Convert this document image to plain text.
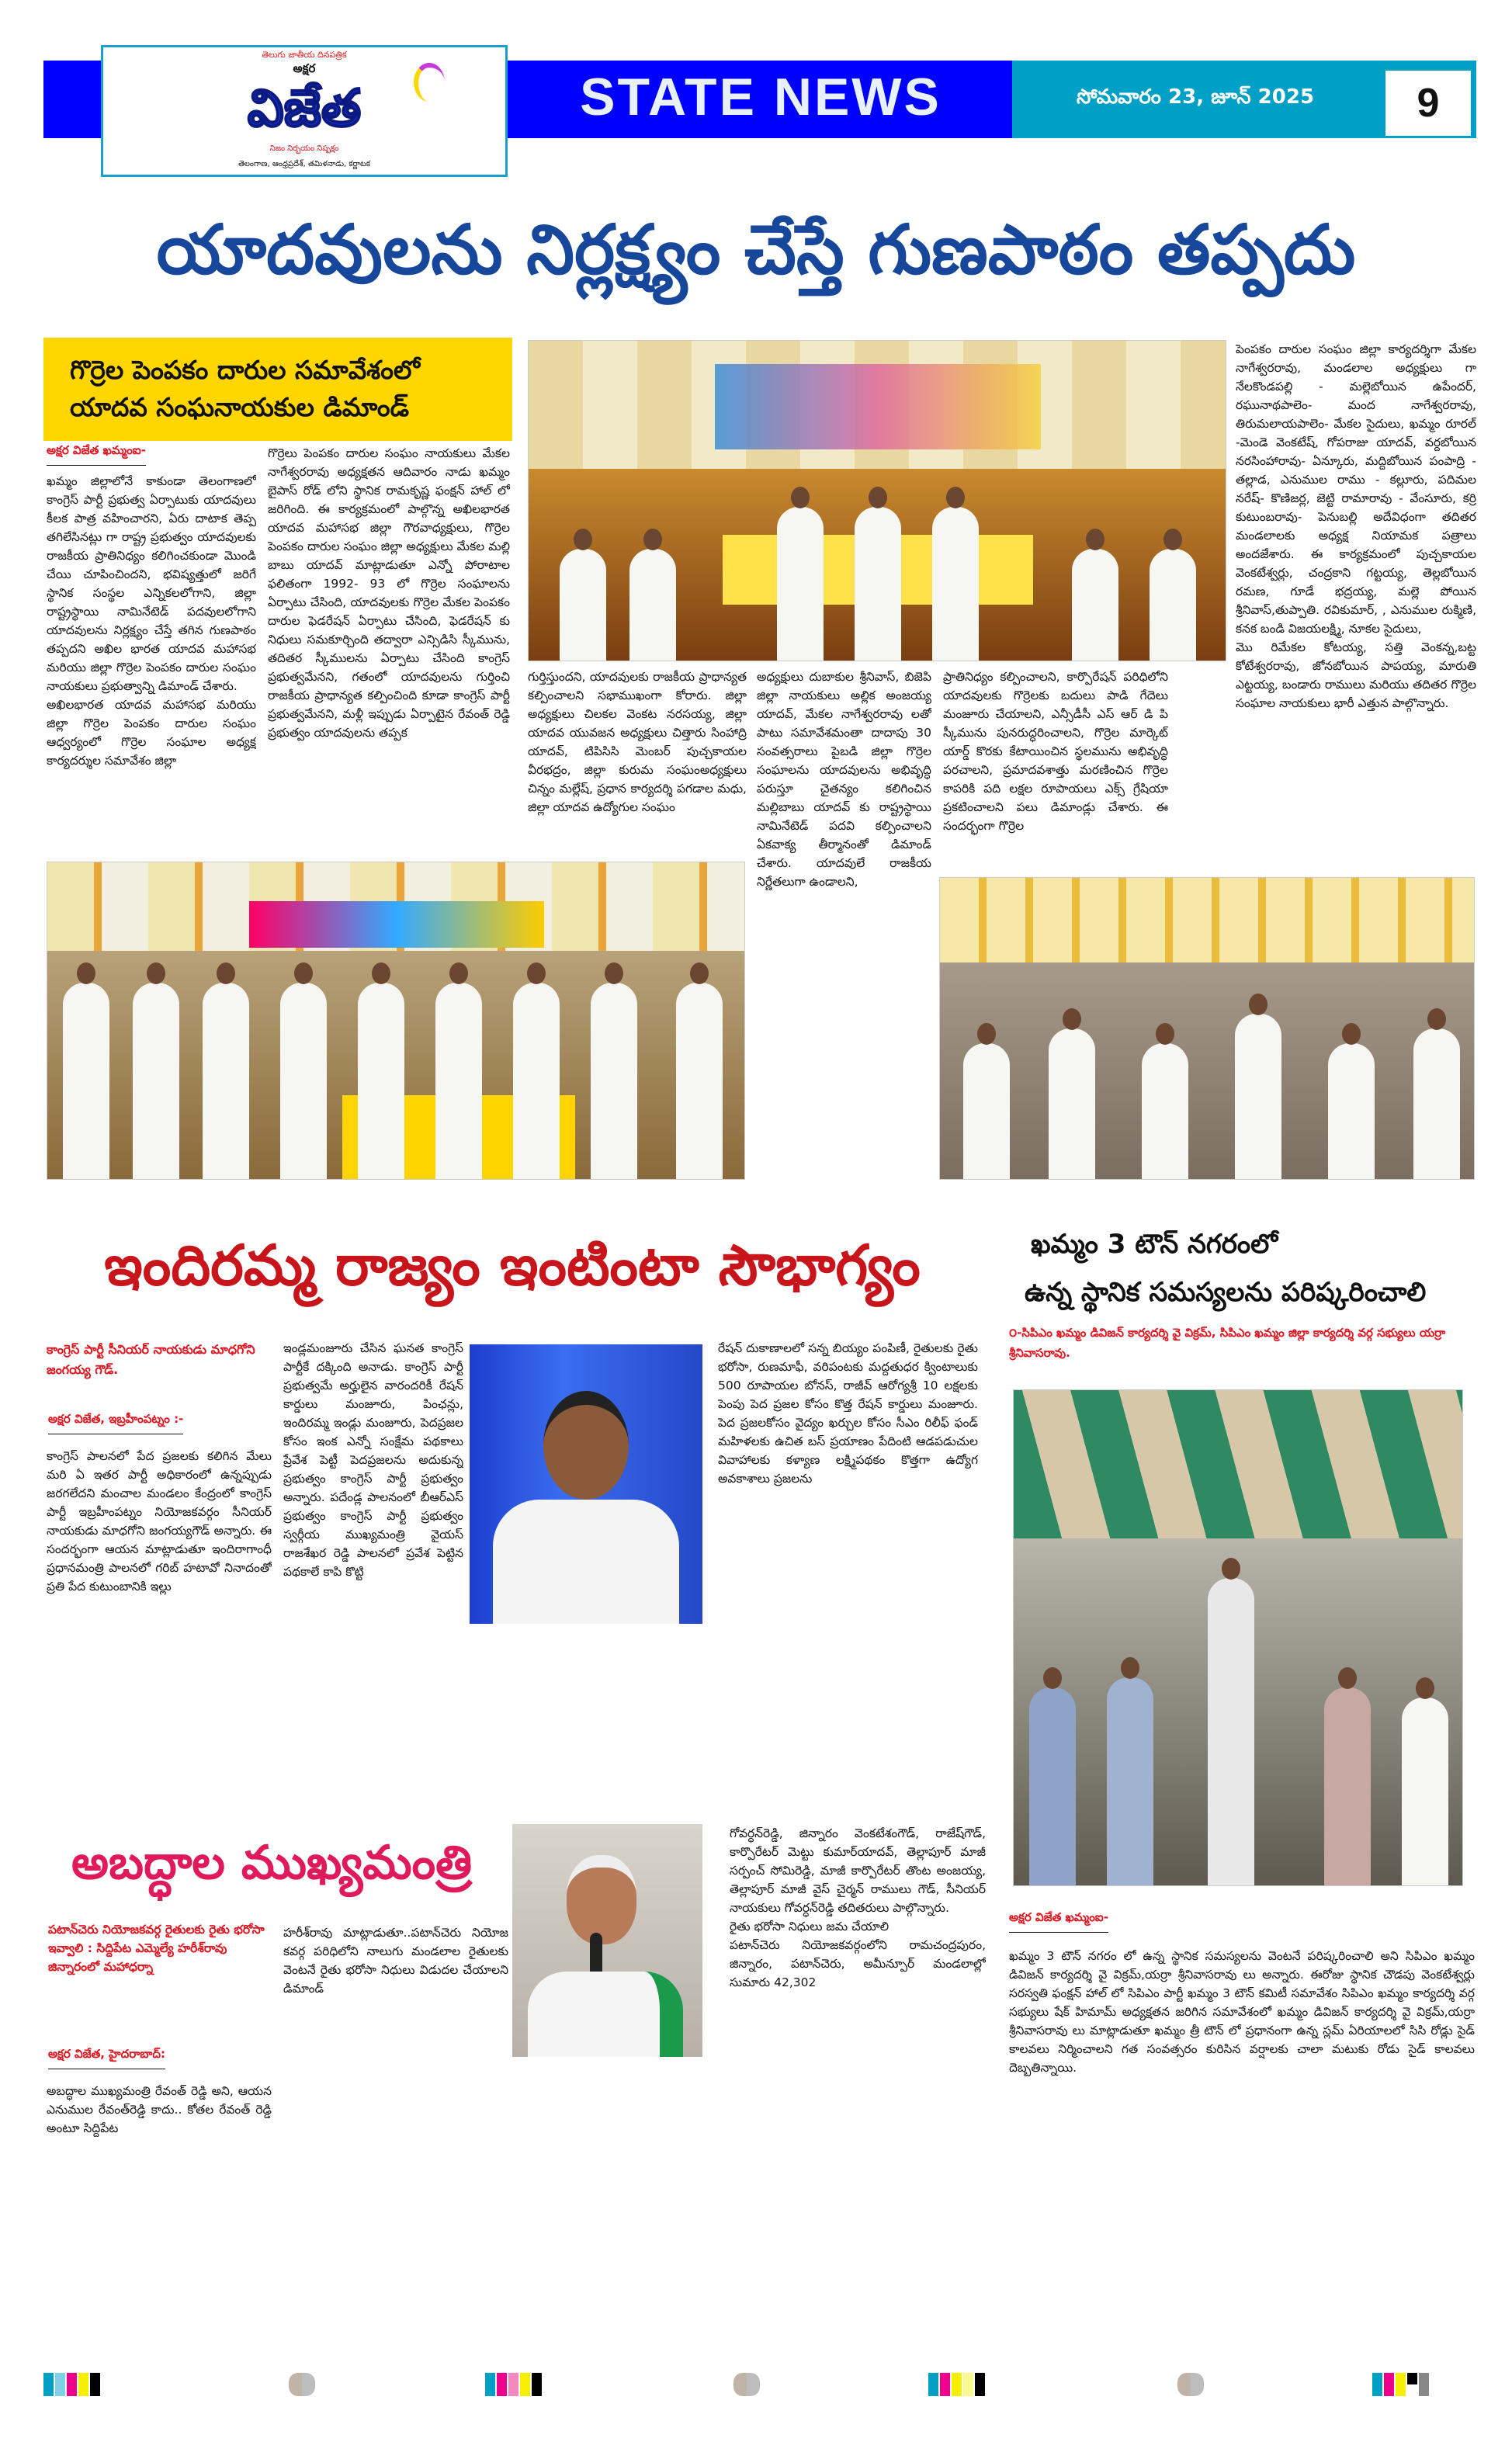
తెలుగు జాతీయ దినపత్రిక
అక్షర
విజేత
నిజం నిర్భయం నిష్పక్షం
తెలంగాణ, ఆంధ్రప్రదేశ్, తమిళనాడు, కర్ణాటక
STATE NEWS	సోమవారం 23, జూన్ 2025	9
యాదవులను నిర్లక్ష్యం చేస్తే గుణపాఠం తప్పదు
గొర్రెల పెంపకం దారుల సమావేశంలో
యాదవ సంఘనాయకుల డిమాండ్
అక్షర విజేత ఖమ్మంఐ-
ఖమ్మం జిల్లాలోనే కాకుండా తెలంగాణలో కాంగ్రెస్ పార్టీ ప్రభుత్వ ఏర్పాటుకు యాదవులు కీలక పాత్ర వహించారని, ఏరు దాటాక తెప్ప తగిలేసినట్లు గా రాష్ట్ర ప్రభుత్వం యాదవులకు రాజకీయ ప్రాతినిధ్యం కలిగించకుండా మొండి చేయి చూపించిందని, భవిష్యత్తులో జరిగే స్థానిక సంస్థల ఎన్నికలలోగాని, జిల్లా రాష్ట్రస్థాయి నామినేటెడ్ పదవులలోగాని యాదవులను నిర్లక్ష్యం చేస్తే తగిన గుణపాఠం తప్పదని అఖిల భారత యాదవ మహాసభ మరియు జిల్లా గొర్రెల పెంపకం దారుల సంఘం నాయకులు ప్రభుత్వాన్ని డిమాండ్ చేశారు.
అఖిలభారత యాదవ మహాసభ మరియు జిల్లా గొర్రెల పెంపకం దారుల సంఘం ఆధ్వర్యంలో గొర్రెల సంఘాల అధ్యక్ష కార్యదర్శుల సమావేశం జిల్లా
గొర్రెలు పెంపకం దారుల సంఘం నాయకులు మేకల నాగేశ్వరరావు అధ్యక్షతన ఆదివారం నాడు ఖమ్మం బైపాస్ రోడ్ లోని స్థానిక రామకృష్ణ ఫంక్షన్ హాల్ లో జరిగింది. ఈ కార్యక్రమంలో పాల్గొన్న అఖిలభారత యాదవ మహాసభ జిల్లా గౌరవాధ్యక్షులు, గొర్రెల పెంపకం దారుల సంఘం జిల్లా అధ్యక్షులు మేకల మల్లి బాబు యాదవ్ మాట్లాడుతూ ఎన్నో పోరాటాల ఫలితంగా 1992- 93 లో గొర్రెల సంఘాలను ఏర్పాటు చేసింది, యాదవులకు గొర్రెల మేకల పెంపకం దారుల ఫెడరేషన్ ఏర్పాటు చేసింది, ఫెడరేషన్ కు నిధులు సమకూర్చింది తద్వారా ఎన్సిడిసి స్కీమును, తదితర స్కీములను ఏర్పాటు చేసింది కాంగ్రెస్ ప్రభుత్వమేనని, గతంలో యాదవులను గుర్తించి రాజకీయ ప్రాధాన్యత కల్పించింది కూడా కాంగ్రెస్ పార్టీ ప్రభుత్వమేనని, మళ్లీ ఇప్పుడు ఏర్పాటైన రేవంత్ రెడ్డి ప్రభుత్వం యాదవులను తప్పక
గుర్తిస్తుందని, యాదవులకు రాజకీయ ప్రాధాన్యత కల్పించాలని సభాముఖంగా కోరారు. జిల్లా అధ్యక్షులు చిలకల వెంకట నరసయ్య, జిల్లా యాదవ యువజన అధ్యక్షులు చిత్తారు సింహాద్రి యాదవ్, టిపిసిసి మెంబర్ పుచ్చకాయల వీరభద్రం, జిల్లా కురుమ సంఘంఅధ్యక్షులు చిన్నం మల్లేష్, ప్రధాన కార్యదర్శి పగడాల మధు, జిల్లా యాదవ ఉద్యోగుల సంఘం
అధ్యక్షులు దుబాకుల శ్రీనివాస్, బిజెపి జిల్లా నాయకులు అల్లిక అంజయ్య యాదవ్, మేకల నాగేశ్వరరావు లతో పాటు సమావేశమంతా దాదాపు 30 సంవత్సరాలు పైబడి జిల్లా గొర్రెల సంఘాలను యాదవులను అభివృద్ధి పరుస్తూ చైతన్యం కలిగించిన మల్లిబాబు యాదవ్ కు రాష్ట్రస్థాయి నామినేటెడ్ పదవి కల్పించాలని ఏకవాక్య తీర్మానంతో డిమాండ్ చేశారు. యాదవులే రాజకీయ నిర్ణేతలుగా ఉండాలని,
ప్రాతినిధ్యం కల్పించాలని, కార్పొరేషన్ పరిధిలోని యాదవులకు గొర్రెలకు బదులు పాడి గేదెలు మంజూరు చేయాలని, ఎన్సీడీసీ ఎస్ ఆర్ డి పి స్కీమును పునరుద్ధరించాలని, గొర్రెల మార్కెట్ యార్డ్ కొరకు కేటాయించిన స్థలమును అభివృద్ధి పరచాలని, ప్రమాదవశాత్తు మరణించిన గొర్రెల కాపరికి పది లక్షల రూపాయలు ఎక్స్ గ్రేషియా ప్రకటించాలని పలు డిమాండ్లు చేశారు. ఈ సందర్భంగా గొర్రెల
పెంపకం దారుల సంఘం జిల్లా కార్యదర్శిగా మేకల నాగేశ్వరరావు, మండలాల అధ్యక్షులు గా నేలకొండపల్లి - మల్లెబోయిన ఉపేందర్, రఘునాథపాలెం- మంద నాగేశ్వరరావు, తిరుమలాయపాలెం- మేకల సైదులు, ఖమ్మం రూరల్ -మెండె వెంకటేష్, గోపరాజు యాదవ్, వర్దబోయిన నరసింహారావు- ఏన్కూరు, మద్దిబోయిన పంపాద్రి - తల్లాడ, ఎనుముల రాము - కల్లూరు, పదిమల నరేష్- కొణిజర్ల, జెట్టి రామారావు - వేంసూరు, కర్రి కుటుంబరావు- పెనుబల్లి అదేవిధంగా తదితర మండలాలకు అధ్యక్ష నియామక పత్రాలు అందజేశారు. ఈ కార్యక్రమంలో పుచ్చకాయల వెంకటేశ్వర్లు, చంద్రకాని గట్టయ్య, తెల్లబోయిన రమణ, గూడే భద్రయ్య, మల్లె పోయిన శ్రీనివాస్,తుప్పాతి. రవికుమార్, , ఎనుముల రుక్మిణి, కనక బండి విజయలక్ష్మి, నూకల సైదులు,
మొ రిమేకల కోటయ్య, సత్తి వెంకన్న,బట్ట కోటేశ్వరరావు, జోనబోయిన పాపయ్య, మారుతి ఎట్టయ్య, బండారు రాములు మరియు తదితర గొర్రెల సంఘాల నాయకులు భారీ ఎత్తున పాల్గొన్నారు.
ఇందిరమ్మ రాజ్యం ఇంటింటా సౌభాగ్యం
కాంగ్రెస్ పార్టీ సీనియర్ నాయకుడు మాధగోని జంగయ్య గౌడ్.
అక్షర విజేత, ఇబ్రహీంపట్నం :-
కాంగ్రెస్ పాలనలో పేద ప్రజలకు కలిగిన మేలు మరి ఏ ఇతర పార్టీ అధికారంలో ఉన్నప్పుడు జరగలేదని మంచాల మండలం కేంద్రంలో కాంగ్రెస్ పార్టీ ఇబ్రహీంపట్నం నియోజకవర్గం సీనియర్ నాయకుడు మాధగోని జంగయ్యగౌడ్ అన్నారు. ఈ సందర్భంగా ఆయన మాట్లాడుతూ ఇందిరాగాంధీ ప్రధానమంత్రి పాలనలో గరిబ్ హటావో నినాదంతో ప్రతి పేద కుటుంబానికి ఇల్లు
ఇండ్లమంజూరు చేసిన ఘనత కాంగ్రెస్ పార్టీకే దక్కింది అనాడు. కాంగ్రెస్ పార్టీ ప్రభుత్వమే అర్హులైన వారందరికీ రేషన్ కార్డులు మంజూరు, పింఛన్లు, ఇందిరమ్మ ఇండ్లు మంజూరు, పెదప్రజల కోసం ఇంక ఎన్నో సంక్షేమ పథకాలు ప్రేవేశ పెట్టీ పెదప్రజలను అదుకున్న ప్రభుత్వం కాంగ్రెస్ పార్టీ ప్రభుత్వం అన్నారు. పదేండ్ల పాలనంలో బీఆర్ఎస్ ప్రభుత్వం కాంగ్రెస్ పార్టీ ప్రభుత్వం స్వర్గీయ ముఖ్యమంత్రి వైయస్ రాజశేఖర రెడ్డి పాలనలో ప్రవేశ పెట్టిన పథకాలే కాపి కొట్టి
రేషన్ దుకాణాలలో సన్న బియ్యం పంపిణీ, రైతులకు రైతు భరోసా, రుణమాఫీ, వరిపంటకు మద్దతుధర క్వింటాలుకు 500 రూపాయల బోనస్, రాజీవ్ ఆరోగ్యశ్రీ 10 లక్షలకు పెంపు పెద ప్రజల కోసం కొత్త రేషన్ కార్డులు మంజూరు. పెద ప్రజలకోసం వైద్యం ఖర్చుల కోసం సీఎం రిలీఫ్ ఫండ్ మహిళలకు ఉచిత బస్ ప్రయాణం పేదింటి ఆడపడుచుల వివాహాలకు కళ్యాణ లక్ష్మిపథకం కొత్తగా ఉద్యోగ అవకాశాలు ప్రజలను
ఖమ్మం 3 టౌన్ నగరంలో
ఉన్న స్థానిక సమస్యలను పరిష్కరించాలి
౦-సిపిఎం ఖమ్మం డివిజన్ కార్యదర్శి వై విక్రమ్, సిపిఎం ఖమ్మం జిల్లా కార్యదర్శి వర్గ సభ్యులు యర్రా శ్రీనివాసరావు.
అక్షర విజేత ఖమ్మంఐ-
ఖమ్మం 3 టౌన్ నగరం లో ఉన్న స్థానిక సమస్యలను వెంటనే పరిష్కరించాలి అని సిపిఎం ఖమ్మం డివిజన్ కార్యదర్శి వై విక్రమ్,యర్రా శ్రీనివాసరావు లు అన్నారు. ఈరోజు స్థానిక చౌడపు వెంకటేశ్వర్లు సరస్వతి ఫంక్షన్ హాల్ లో సిపిఎం పార్టీ ఖమ్మం 3 టౌన్ కమిటీ సమావేశం సిపిఎం ఖమ్మం కార్యదర్శి వర్గ సభ్యులు షేక్ హిమామ్ అధ్యక్షతన జరిగిన సమావేశంలో ఖమ్మం డివిజన్ కార్యదర్శి వై విక్రమ్,యర్రా శ్రీనివాసరావు లు మాట్లాడుతూ ఖమ్మం త్రీ టౌన్ లో ప్రధానంగా ఉన్న స్లమ్ ఏరియాలలో సిసి రోడ్లు సైడ్ కాలవలు నిర్మించాలని గత సంవత్సరం కురిసిన వర్షాలకు చాలా మటుకు రోడు సైడ్ కాలవలు దెబ్బతిన్నాయి.
అబద్ధాల ముఖ్యమంత్రి
పటాన్‌చెరు నియోజకవర్గ రైతులకు రైతు భరోసా ఇవ్వాలి : సిద్దిపేట ఎమ్మెల్యే హరీశ్‌రావు జిన్నారంలో మహాధర్నా
అక్షర విజేత, హైదరాబాద్:
అబద్ధాల ముఖ్యమంత్రి రేవంత్ రెడ్డి అని, ఆయన ఎనుముల రేవంత్‌రెడ్డి కాదు.. కోతల రేవంత్ రెడ్డి అంటూ సిద్దిపేట
హరీశ్‌రావు మాట్లాడుతూ..పటాన్‌చెరు నియోజ కవర్గ పరిధిలోని నాలుగు మండలాల రైతులకు వెంటనే రైతు భరోసా నిధులు విడుదల చేయాలని డిమాండ్
గోవర్ధన్‌రెడ్డి, జిన్నారం వెంకటేశంగౌడ్, రాజేష్‌గౌడ్, కార్పొరేటర్ మెట్టు కుమార్‌యాదవ్, తెల్లాపూర్ మాజీ సర్పంచ్ సోమిరెడ్డి, మాజీ కార్పొరేటర్ తొంట అంజయ్య, తెల్లాపూర్ మాజీ వైస్ చైర్మన్ రాములు గౌడ్, సీనియర్ నాయకులు గోవర్ధన్‌రెడ్డి తదితరులు పాల్గొన్నారు.
రైతు భరోసా నిధులు జమ చేయాలి
పటాన్‌చెరు నియోజకవర్గంలోని రామచంద్రపురం, జిన్నారం, పటాన్‌చెరు, అమీన్పూర్ మండలాల్లో సుమారు 42,302
